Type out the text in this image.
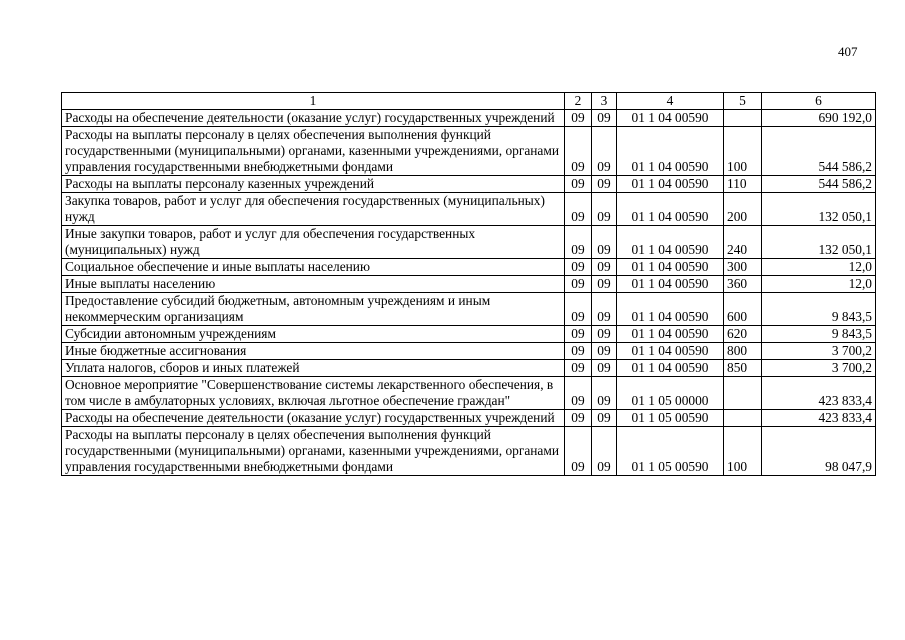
407
1	2	3	4	5	6
Расходы на обеспечение деятельности (оказание услуг) государственных учреждений	09	09	01 1 04 00590		690 192,0
Расходы на выплаты персоналу в целях обеспечения выполнения функций государственными (муниципальными) органами, казенными учреждениями, органами управления государственными внебюджетными фондами	09	09	01 1 04 00590	100	544 586,2
Расходы на выплаты персоналу казенных учреждений	09	09	01 1 04 00590	110	544 586,2
Закупка товаров, работ и услуг для обеспечения государственных (муниципальных) нужд	09	09	01 1 04 00590	200	132 050,1
Иные закупки товаров, работ и услуг для обеспечения государственных (муниципальных) нужд	09	09	01 1 04 00590	240	132 050,1
Социальное обеспечение и иные выплаты населению	09	09	01 1 04 00590	300	12,0
Иные выплаты населению	09	09	01 1 04 00590	360	12,0
Предоставление субсидий бюджетным, автономным учреждениям и иным некоммерческим организациям	09	09	01 1 04 00590	600	9 843,5
Субсидии автономным учреждениям	09	09	01 1 04 00590	620	9 843,5
Иные бюджетные ассигнования	09	09	01 1 04 00590	800	3 700,2
Уплата налогов, сборов и иных платежей	09	09	01 1 04 00590	850	3 700,2
Основное мероприятие "Совершенствование системы лекарственного обеспечения, в том числе в амбулаторных условиях, включая льготное обеспечение граждан"	09	09	01 1 05 00000		423 833,4
Расходы на обеспечение деятельности (оказание услуг) государственных учреждений	09	09	01 1 05 00590		423 833,4
Расходы на выплаты персоналу в целях обеспечения выполнения функций государственными (муниципальными) органами, казенными учреждениями, органами управления государственными внебюджетными фондами	09	09	01 1 05 00590	100	98 047,9
